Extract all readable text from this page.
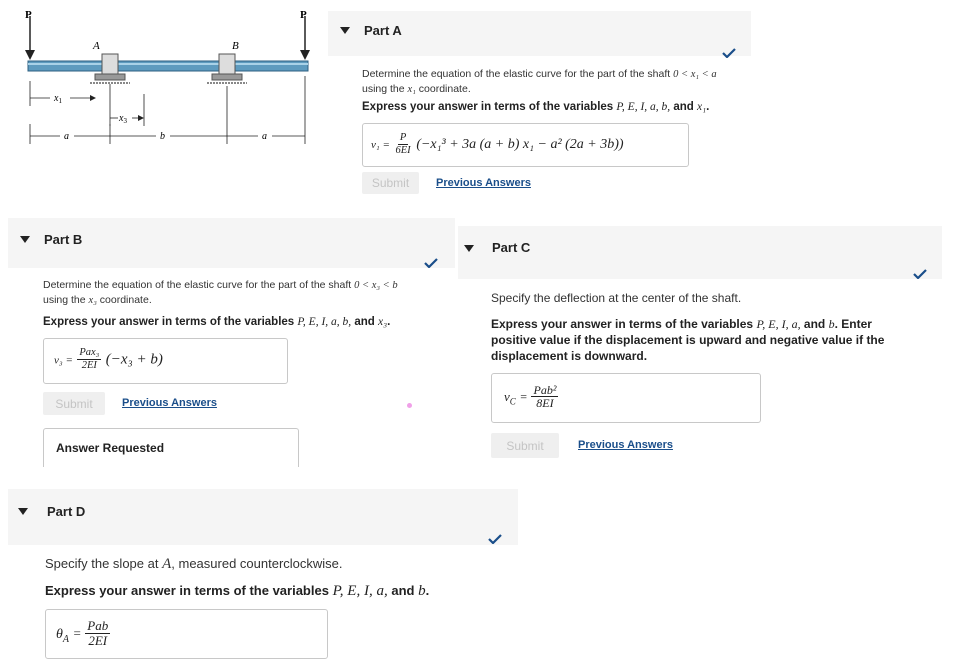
P	P
A	B
$x_1$
$x_3$
a	b	a
Part A
Determine the equation of the elastic curve for the part of the shaft 0 < x₁ < a
using the x₁ coordinate.
Express your answer in terms of the variables P, E, I, a, b, and x₁.
$v_1 = \frac{P}{6EI} (-x_1^3 + 3a$ (a + b) x₁ − a² (2a + 3b))
Submit	Previous Answers
Part B
Determine the equation of the elastic curve for the part of the shaft 0 < x₃ < b
using the x₃ coordinate.
Express your answer in terms of the variables P, E, I, a, b, and x₃.
$v_3 = \frac{\text{Pax₃}}{2EI} (-x_3 + b)$
Submit	Previous Answers
Answer Requested
Part C
Specify the deflection at the center of the shaft.
Express your answer in terms of the variables P, E, I, a, and b. Enter
positive value if the displacement is upward and negative value if the
displacement is downward.
$v_C = \frac{\text{Pab²}}{8EI}$
Submit	Previous Answers
Part D
Specify the slope at A, measured counterclockwise.
Express your answer in terms of the variables P, E, I, a, and b.
$\theta_A = \frac{\text{Pab}}{2EI}$
